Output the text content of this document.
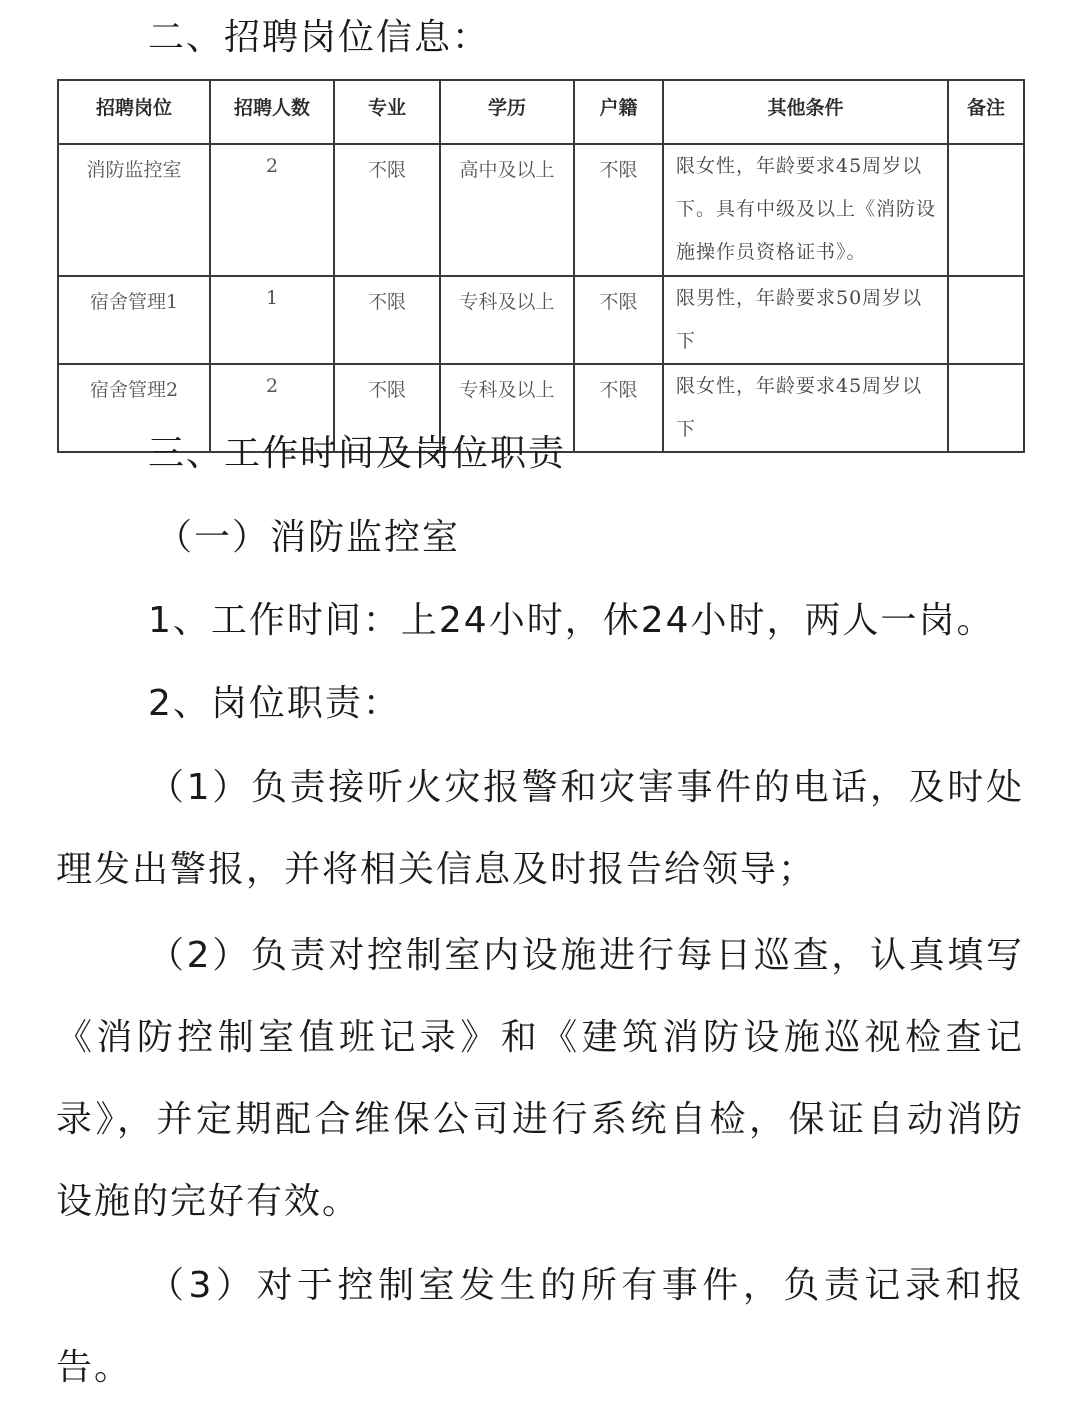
二、招聘岗位信息：
招聘岗位	招聘人数	专业	学历	户籍	其他条件	备注
消防监控室	2	不限	高中及以上	不限	限女性，年龄要求45周岁以下。具有中级及以上《消防设施操作员资格证书》。	
宿舍管理1	1	不限	专科及以上	不限	限男性，年龄要求50周岁以下	
宿舍管理2	2	不限	专科及以上	不限	限女性，年龄要求45周岁以下	
三、工作时间及岗位职责
（一）消防监控室
1、工作时间：上24小时，休24小时，两人一岗。
2、岗位职责：
（1）负责接听火灾报警和灾害事件的电话，及时处理发出警报，并将相关信息及时报告给领导；
（2）负责对控制室内设施进行每日巡查，认真填写《消防控制室值班记录》和《建筑消防设施巡视检查记录》，并定期配合维保公司进行系统自检，保证自动消防设施的完好有效。
（3）对于控制室发生的所有事件，负责记录和报告。
